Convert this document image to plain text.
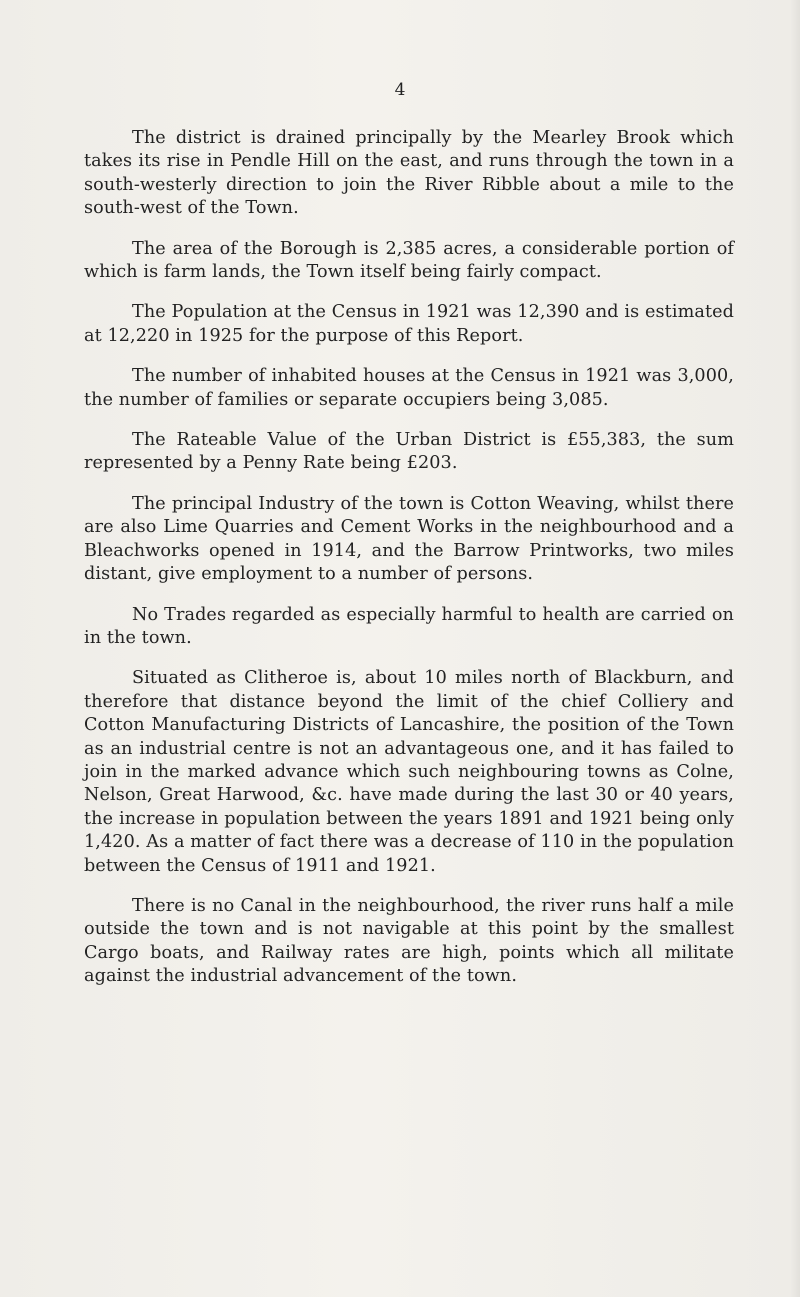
4

The district is drained principally by the Mearley Brook which takes its rise in Pendle Hill on the east, and runs through the town in a south-westerly direction to join the River Ribble about a mile to the south-west of the Town.

The area of the Borough is 2,385 acres, a considerable portion of which is farm lands, the Town itself being fairly compact.

The Population at the Census in 1921 was 12,390 and is estimated at 12,220 in 1925 for the purpose of this Report.

The number of inhabited houses at the Census in 1921 was 3,000, the number of families or separate occupiers being 3,085.

The Rateable Value of the Urban District is £55,383, the sum represented by a Penny Rate being £203.

The principal Industry of the town is Cotton Weaving, whilst there are also Lime Quarries and Cement Works in the neighbourhood and a Bleachworks opened in 1914, and the Barrow Printworks, two miles distant, give employment to a number of persons.

No Trades regarded as especially harmful to health are carried on in the town.

Situated as Clitheroe is, about 10 miles north of Blackburn, and therefore that distance beyond the limit of the chief Colliery and Cotton Manufacturing Districts of Lancashire, the position of the Town as an industrial centre is not an advantageous one, and it has failed to join in the marked advance which such neighbouring towns as Colne, Nelson, Great Harwood, &c. have made during the last 30 or 40 years, the increase in population between the years 1891 and 1921 being only 1,420. As a matter of fact there was a decrease of 110 in the population between the Census of 1911 and 1921.

There is no Canal in the neighbourhood, the river runs half a mile outside the town and is not navigable at this point by the smallest Cargo boats, and Railway rates are high, points which all militate against the industrial advancement of the town.
